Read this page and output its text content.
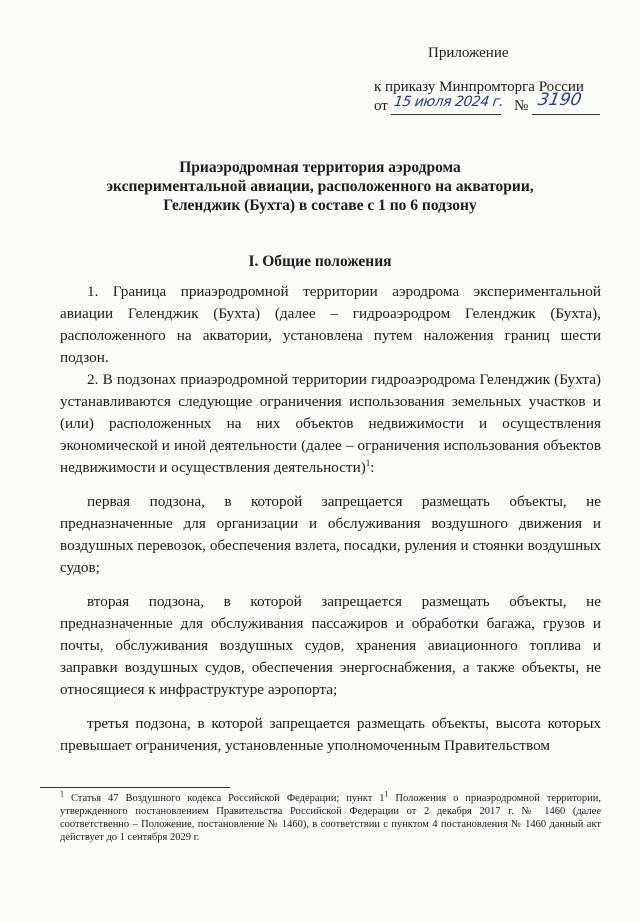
Приложение
к приказу Минпромторга России
от 15 июля 2024 г. № 3190
Приаэродромная территория аэродрома
экспериментальной авиации, расположенного на акватории,
Геленджик (Бухта) в составе с 1 по 6 подзону
I. Общие положения

1. Граница приаэродромной территории аэродрома экспериментальной авиации Геленджик (Бухта) (далее – гидроаэродром Геленджик (Бухта), расположенного на акватории, установлена путем наложения границ шести подзон.

2. В подзонах приаэродромной территории гидроаэродрома Геленджик (Бухта) устанавливаются следующие ограничения использования земельных участков и (или) расположенных на них объектов недвижимости и осуществления экономической и иной деятельности (далее – ограничения использования объектов недвижимости и осуществления деятельности)$^1$:

первая подзона, в которой запрещается размещать объекты, не предназначенные для организации и обслуживания воздушного движения и воздушных перевозок, обеспечения взлета, посадки, руления и стоянки воздушных судов;

вторая подзона, в которой запрещается размещать объекты, не предназначенные для обслуживания пассажиров и обработки багажа, грузов и почты, обслуживания воздушных судов, хранения авиационного топлива и заправки воздушных судов, обеспечения энергоснабжения, а также объекты, не относящиеся к инфраструктуре аэропорта;

третья подзона, в которой запрещается размещать объекты, высота которых превышает ограничения, установленные уполномоченным Правительством

$^1$ Статья 47 Воздушного кодекса Российской Федерации; пункт $1^1$ Положения о приаэродромной территории, утвержденного постановлением Правительства Российской Федерации от 2 декабря 2017 г. № 1460 (далее соответственно – Положение, постановление № 1460), в соответствии с пунктом 4 постановления № 1460 данный акт действует до 1 сентября 2029 г.
